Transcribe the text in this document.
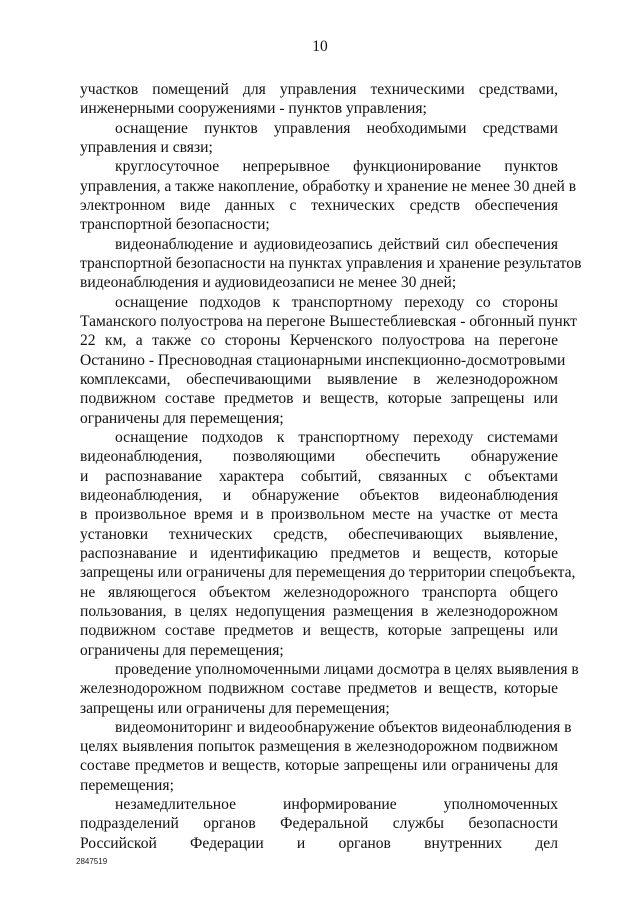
10
участков помещений для управления техническими средствами,
инженерными сооружениями - пунктов управления;
оснащение пунктов управления необходимыми средствами
управления и связи;
круглосуточное непрерывное функционирование пунктов
управления, а также накопление, обработку и хранение не менее 30 дней в
электронном виде данных с технических средств обеспечения
транспортной безопасности;
видеонаблюдение и аудиовидеозапись действий сил обеспечения
транспортной безопасности на пунктах управления и хранение результатов
видеонаблюдения и аудиовидеозаписи не менее 30 дней;
оснащение подходов к транспортному переходу со стороны
Таманского полуострова на перегоне Вышестеблиевская - обгонный пункт
22 км, а также со стороны Керченского полуострова на перегоне
Останино - Пресноводная стационарными инспекционно-досмотровыми
комплексами, обеспечивающими выявление в железнодорожном
подвижном составе предметов и веществ, которые запрещены или
ограничены для перемещения;
оснащение подходов к транспортному переходу системами
видеонаблюдения, позволяющими обеспечить обнаружение
и распознавание характера событий, связанных с объектами
видеонаблюдения, и обнаружение объектов видеонаблюдения
в произвольное время и в произвольном месте на участке от места
установки технических средств, обеспечивающих выявление,
распознавание и идентификацию предметов и веществ, которые
запрещены или ограничены для перемещения до территории спецобъекта,
не являющегося объектом железнодорожного транспорта общего
пользования, в целях недопущения размещения в железнодорожном
подвижном составе предметов и веществ, которые запрещены или
ограничены для перемещения;
проведение уполномоченными лицами досмотра в целях выявления в
железнодорожном подвижном составе предметов и веществ, которые
запрещены или ограничены для перемещения;
видеомониторинг и видеообнаружение объектов видеонаблюдения в
целях выявления попыток размещения в железнодорожном подвижном
составе предметов и веществ, которые запрещены или ограничены для
перемещения;
незамедлительное информирование уполномоченных
подразделений органов Федеральной службы безопасности
Российской Федерации и органов внутренних дел
2847519
